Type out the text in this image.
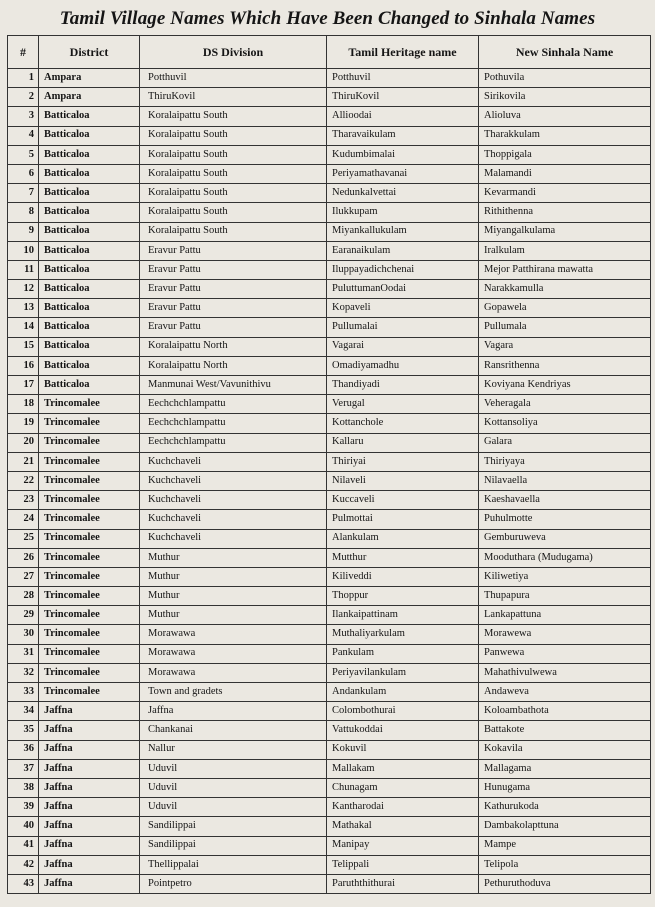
Tamil Village Names Which Have Been Changed to Sinhala Names
#	District	DS Division	Tamil Heritage name	New Sinhala Name
1	Ampara	Potthuvil	Potthuvil	Pothuvila
2	Ampara	ThiruKovil	ThiruKovil	Sirikovila
3	Batticaloa	Koralaipattu South	Allioodai	Alioluva
4	Batticaloa	Koralaipattu South	Tharavaikulam	Tharakkulam
5	Batticaloa	Koralaipattu South	Kudumbimalai	Thoppigala
6	Batticaloa	Koralaipattu South	Periyamathavanai	Malamandi
7	Batticaloa	Koralaipattu South	Nedunkalvettai	Kevarmandi
8	Batticaloa	Koralaipattu South	Ilukkupam	Rithithenna
9	Batticaloa	Koralaipattu South	Miyankallukulam	Miyangalkulama
10	Batticaloa	Eravur Pattu	Earanaikulam	Iralkulam
11	Batticaloa	Eravur Pattu	Iluppayadichchenai	Mejor Patthirana mawatta
12	Batticaloa	Eravur Pattu	PuluttumanOodai	Narakkamulla
13	Batticaloa	Eravur Pattu	Kopaveli	Gopawela
14	Batticaloa	Eravur Pattu	Pullumalai	Pullumala
15	Batticaloa	Koralaipattu North	Vagarai	Vagara
16	Batticaloa	Koralaipattu North	Omadiyamadhu	Ransrithenna
17	Batticaloa	Manmunai West/Vavunithivu	Thandiyadi	Koviyana Kendriyas
18	Trincomalee	Eechchchlampattu	Verugal	Veheragala
19	Trincomalee	Eechchchlampattu	Kottanchole	Kottansoliya
20	Trincomalee	Eechchchlampattu	Kallaru	Galara
21	Trincomalee	Kuchchaveli	Thiriyai	Thiriyaya
22	Trincomalee	Kuchchaveli	Nilaveli	Nilavaella
23	Trincomalee	Kuchchaveli	Kuccaveli	Kaeshavaella
24	Trincomalee	Kuchchaveli	Pulmottai	Puhulmotte
25	Trincomalee	Kuchchaveli	Alankulam	Gemburuweva
26	Trincomalee	Muthur	Mutthur	Mooduthara (Mudugama)
27	Trincomalee	Muthur	Kiliveddi	Kiliwetiya
28	Trincomalee	Muthur	Thoppur	Thupapura
29	Trincomalee	Muthur	Ilankaipattinam	Lankapattuna
30	Trincomalee	Morawawa	Muthaliyarkulam	Morawewa
31	Trincomalee	Morawawa	Pankulam	Panwewa
32	Trincomalee	Morawawa	Periyavilankulam	Mahathivulwewa
33	Trincomalee	Town and gradets	Andankulam	Andaweva
34	Jaffna	Jaffna	Colombothurai	Koloambathota
35	Jaffna	Chankanai	Vattukoddai	Battakote
36	Jaffna	Nallur	Kokuvil	Kokavila
37	Jaffna	Uduvil	Mallakam	Mallagama
38	Jaffna	Uduvil	Chunagam	Hunugama
39	Jaffna	Uduvil	Kantharodai	Kathurukoda
40	Jaffna	Sandilippai	Mathakal	Dambakolapttuna
41	Jaffna	Sandilippai	Manipay	Mampe
42	Jaffna	Thellippalai	Telippali	Telipola
43	Jaffna	Pointpetro	Paruththithurai	Pethuruthoduva
